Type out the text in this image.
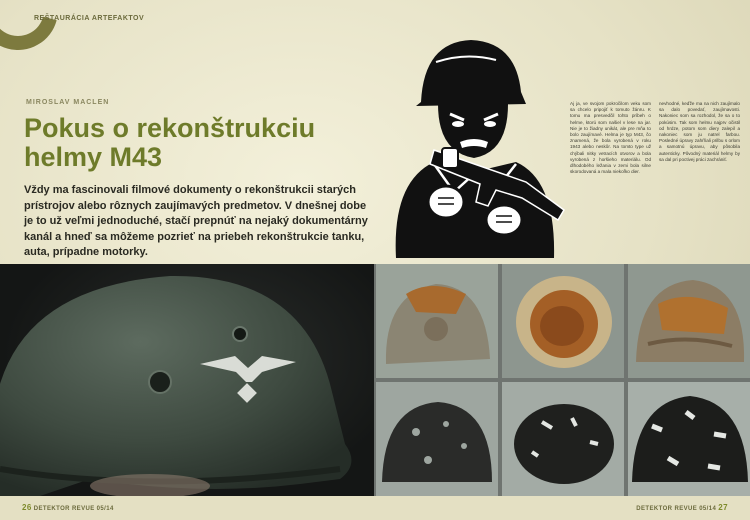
REŠTAURÁCIA ARTEFAKTOV
MIROSLAV MACLEN
Pokus o rekonštrukciu
helmy M43
Vždy ma fascinovali filmové dokumenty o rekonštrukcii starých prístrojov alebo rôznych zaujímavých predmetov. V dnešnej dobe je to už veľmi jednoduché, stačí prepnúť na nejaký dokumentárny kanál a hneď sa môžeme pozrieť na priebeh rekonštrukcie tanku, auta, prípadne motorky.
Aj ja, ve svojom pokročilom veku som sa chcelo pripojiť k tomuto žánru. K tomu ma presvedčil tohto príbeh o helme, ktorú som našiel v lese na jar. Nie je to žiadny unikát, ale pre mňa to bolo zaujímavé. Helma je typ M43, čo znamená, že bola vyrobená v roku 1943 alebo neskôr. Na tomto type už chýbali nitky vetracích otvorov a bola vyrobená z horšieho materiálu. Od dlhodobého ležania v zemi bola silne skorodovaná a mala niekoľko dier.
nevhodné, keďže ma na nich zaujímalo sa dalo povedať, zaujímavosti. Nakoniec som sa rozhodol, že sa o to pokúsim. Tak som helmu najprv očistil od hrdze, potom som diery zalepil a nakoniec som ju natrel farbou. Posledné úpravy zahŕňali prilbu s orlom a samotnú úpravu, aby pôsobila autenticky. Pôvodný materiál helmy by sa dal pri poctivej práci zachrániť.
26 DETEKTOR REVUE 05/14	DETEKTOR REVUE 05/14 27
